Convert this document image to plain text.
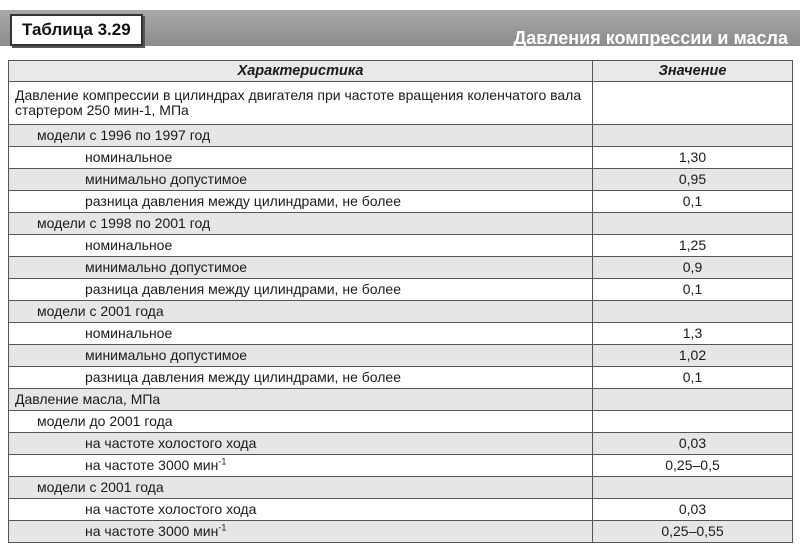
Давления компрессии и масла
Таблица 3.29
Характеристика	Значение
Давление компрессии в цилиндрах двигателя при частоте вращения коленчатого вала стартером 250 мин-1, МПа	
модели с 1996 по 1997 год	
номинальное	1,30
минимально допустимое	0,95
разница давления между цилиндрами, не более	0,1
модели с 1998 по 2001 год	
номинальное	1,25
минимально допустимое	0,9
разница давления между цилиндрами, не более	0,1
модели с 2001 года	
номинальное	1,3
минимально допустимое	1,02
разница давления между цилиндрами, не более	0,1
Давление масла, МПа	
модели до 2001 года	
на частоте холостого хода	0,03
на частоте 3000 мин$^{-1}$	0,25–0,5
модели с 2001 года	
на частоте холостого хода	0,03
на частоте 3000 мин$^{-1}$	0,25–0,55
